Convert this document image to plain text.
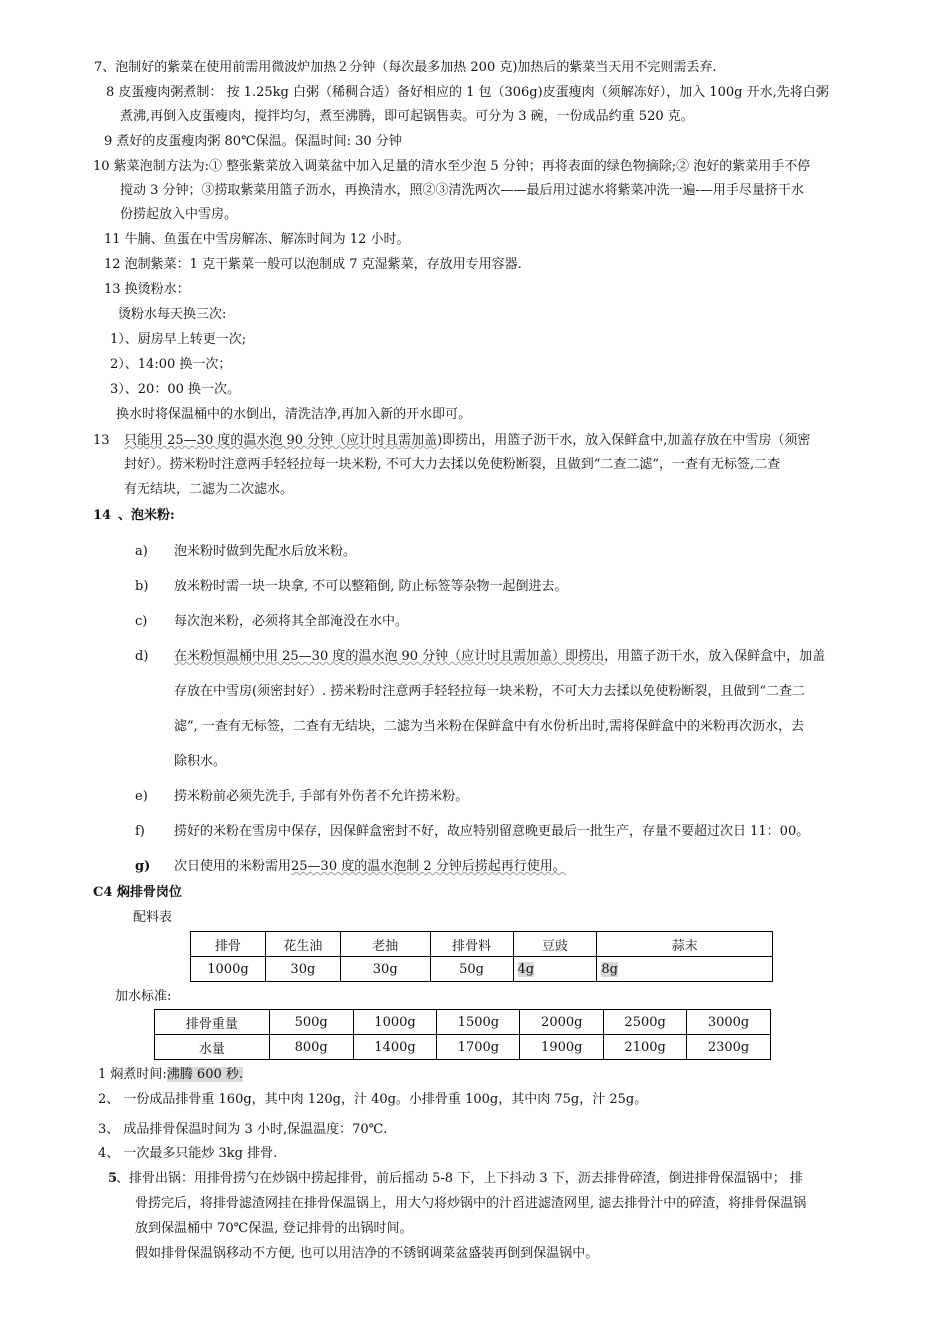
7、泡制好的紫菜在使用前需用微波炉加热２分钟（每次最多加热 200 克)加热后的紫菜当天用不完则需丢弃.
8 皮蛋瘦肉粥煮制： 按 1.25kg 白粥（稀稠合适）备好相应的 1 包（306g)皮蛋瘦肉（须解冻好），加入 100g 开水,先将白粥
煮沸,再倒入皮蛋瘦肉，搅拌均匀，煮至沸腾，即可起锅售卖。可分为 3 碗，一份成品约重 520 克。
9 煮好的皮蛋瘦肉粥 80℃保温。保温时间: 30 分钟
10 紫菜泡制方法为:① 整张紫菜放入调菜盆中加入足量的清水至少泡 5 分钟；再将表面的绿色物摘除;② 泡好的紫菜用手不停
搅动 3 分钟；③捞取紫菜用篮子沥水，再换清水，照②③清洗两次——最后用过滤水将紫菜冲洗一遍-—用手尽量挤干水
份捞起放入中雪房。
11 牛腩、鱼蛋在中雪房解冻、解冻时间为 12 小时。
12 泡制紫菜：1 克干紫菜一般可以泡制成 7 克湿紫菜，存放用专用容器.
13 换烫粉水：
烫粉水每天换三次:
1）、厨房早上转更一次;
2）、14:00 换一次；
3）、20：00 换一次。
换水时将保温桶中的水倒出，清洗洁净,再加入新的开水即可。
13 只能用 25—30 度的温水泡 90 分钟（应计时且需加盖)即捞出，用篮子沥干水，放入保鲜盒中,加盖存放在中雪房（须密
封好）。捞米粉时注意两手轻轻拉每一块米粉, 不可大力去揉以免使粉断裂，且做到“二查二滤”，一查有无标签,二查
有无结块，二滤为二次滤水。
14 、泡米粉:
a) 泡米粉时做到先配水后放米粉。
b) 放米粉时需一块一块拿, 不可以整箱倒, 防止标签等杂物一起倒进去。
c) 每次泡米粉，必须将其全部淹没在水中。
d) 在米粉恒温桶中用 25—30 度的温水泡 90 分钟（应计时且需加盖）即捞出，用篮子沥干水，放入保鲜盒中，加盖
存放在中雪房(须密封好）. 捞米粉时注意两手轻轻拉每一块米粉，不可大力去揉以免使粉断裂，且做到“二查二
滤”, 一查有无标签，二查有无结块，二滤为当米粉在保鲜盒中有水份析出时,需将保鲜盒中的米粉再次沥水，去
除积水。
e) 捞米粉前必须先洗手, 手部有外伤者不允许捞米粉。
f) 捞好的米粉在雪房中保存，因保鲜盒密封不好，故应特别留意晚更最后一批生产，存量不要超过次日 11：00。
g) 次日使用的米粉需用25—30 度的温水泡制 2 分钟后捞起再行使用。
C4 焖排骨岗位
配料表
排骨	花生油	老抽	排骨料	豆豉	蒜末
1000g	30g	30g	50g	4g	8g
加水标准:
排骨重量	500g	1000g	1500g	2000g	2500g	3000g
水量	800g	1400g	1700g	1900g	2100g	2300g
1 焖煮时间:沸腾 600 秒.
2、 一份成品排骨重 160g，其中肉 120g，汁 40g。小排骨重 100g，其中肉 75g，汁 25g。
3、 成品排骨保温时间为 3 小时,保温温度：70℃.
4、 一次最多只能炒 3kg 排骨.
5
、排骨出锅：用排骨捞勺在炒锅中捞起排骨，前后摇动 5-8 下，上下抖动 3 下，沥去排骨碎渣，倒进排骨保温锅中； 排
骨捞完后，将排骨滤渣网挂在排骨保温锅上，用大勺将炒锅中的汁舀进滤渣网里, 滤去排骨汁中的碎渣，将排骨保温锅
放到保温桶中 70℃保温, 登记排骨的出锅时间。
假如排骨保温锅移动不方便, 也可以用洁净的不锈钢调菜盆盛装再倒到保温锅中。
